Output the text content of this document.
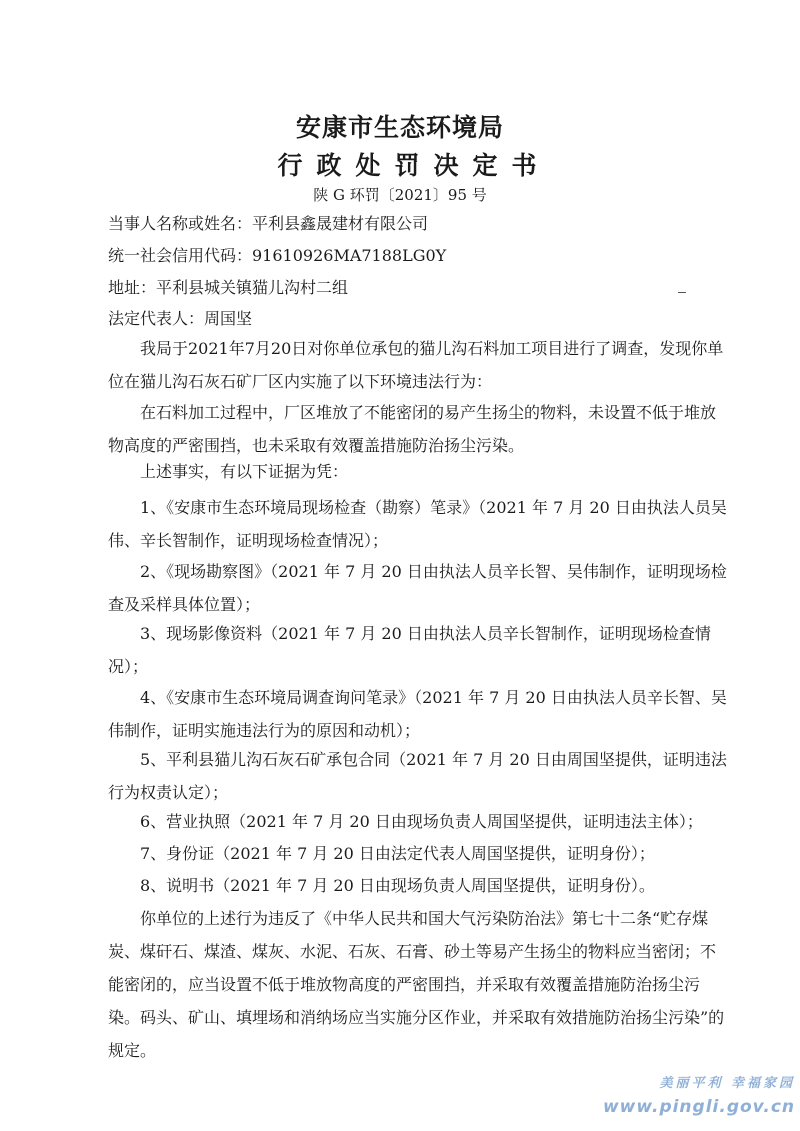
安康市生态环境局
行政处罚决定书
陕 G 环罚〔2021〕95 号
当事人名称或姓名：平利县鑫晟建材有限公司
统一社会信用代码：91610926MA7188LG0Y
地址：平利县城关镇猫儿沟村二组
法定代表人：周国坚
我局于2021年7月20日对你单位承包的猫儿沟石料加工项目进行了调查，发现你单位在猫儿沟石灰石矿厂区内实施了以下环境违法行为：
在石料加工过程中，厂区堆放了不能密闭的易产生扬尘的物料，未设置不低于堆放物高度的严密围挡，也未采取有效覆盖措施防治扬尘污染。
上述事实，有以下证据为凭：
1、《安康市生态环境局现场检查（勘察）笔录》（2021 年 7 月 20 日由执法人员吴伟、辛长智制作，证明现场检查情况）；
2、《现场勘察图》（2021 年 7 月 20 日由执法人员辛长智、吴伟制作，证明现场检查及采样具体位置）；
3、现场影像资料（2021 年 7 月 20 日由执法人员辛长智制作，证明现场检查情况）；
4、《安康市生态环境局调查询问笔录》（2021 年 7 月 20 日由执法人员辛长智、吴伟制作，证明实施违法行为的原因和动机）；
5、平利县猫儿沟石灰石矿承包合同（2021 年 7 月 20 日由周国坚提供，证明违法行为权责认定）；
6、营业执照（2021 年 7 月 20 日由现场负责人周国坚提供，证明违法主体）；
7、身份证（2021 年 7 月 20 日由法定代表人周国坚提供，证明身份）；
8、说明书（2021 年 7 月 20 日由现场负责人周国坚提供，证明身份）。
你单位的上述行为违反了《中华人民共和国大气污染防治法》第七十二条“贮存煤炭、煤矸石、煤渣、煤灰、水泥、石灰、石膏、砂土等易产生扬尘的物料应当密闭；不能密闭的，应当设置不低于堆放物高度的严密围挡，并采取有效覆盖措施防治扬尘污染。码头、矿山、填埋场和消纳场应当实施分区作业，并采取有效措施防治扬尘污染”的规定。
美丽平利 幸福家园
www.pingli.gov.cn
